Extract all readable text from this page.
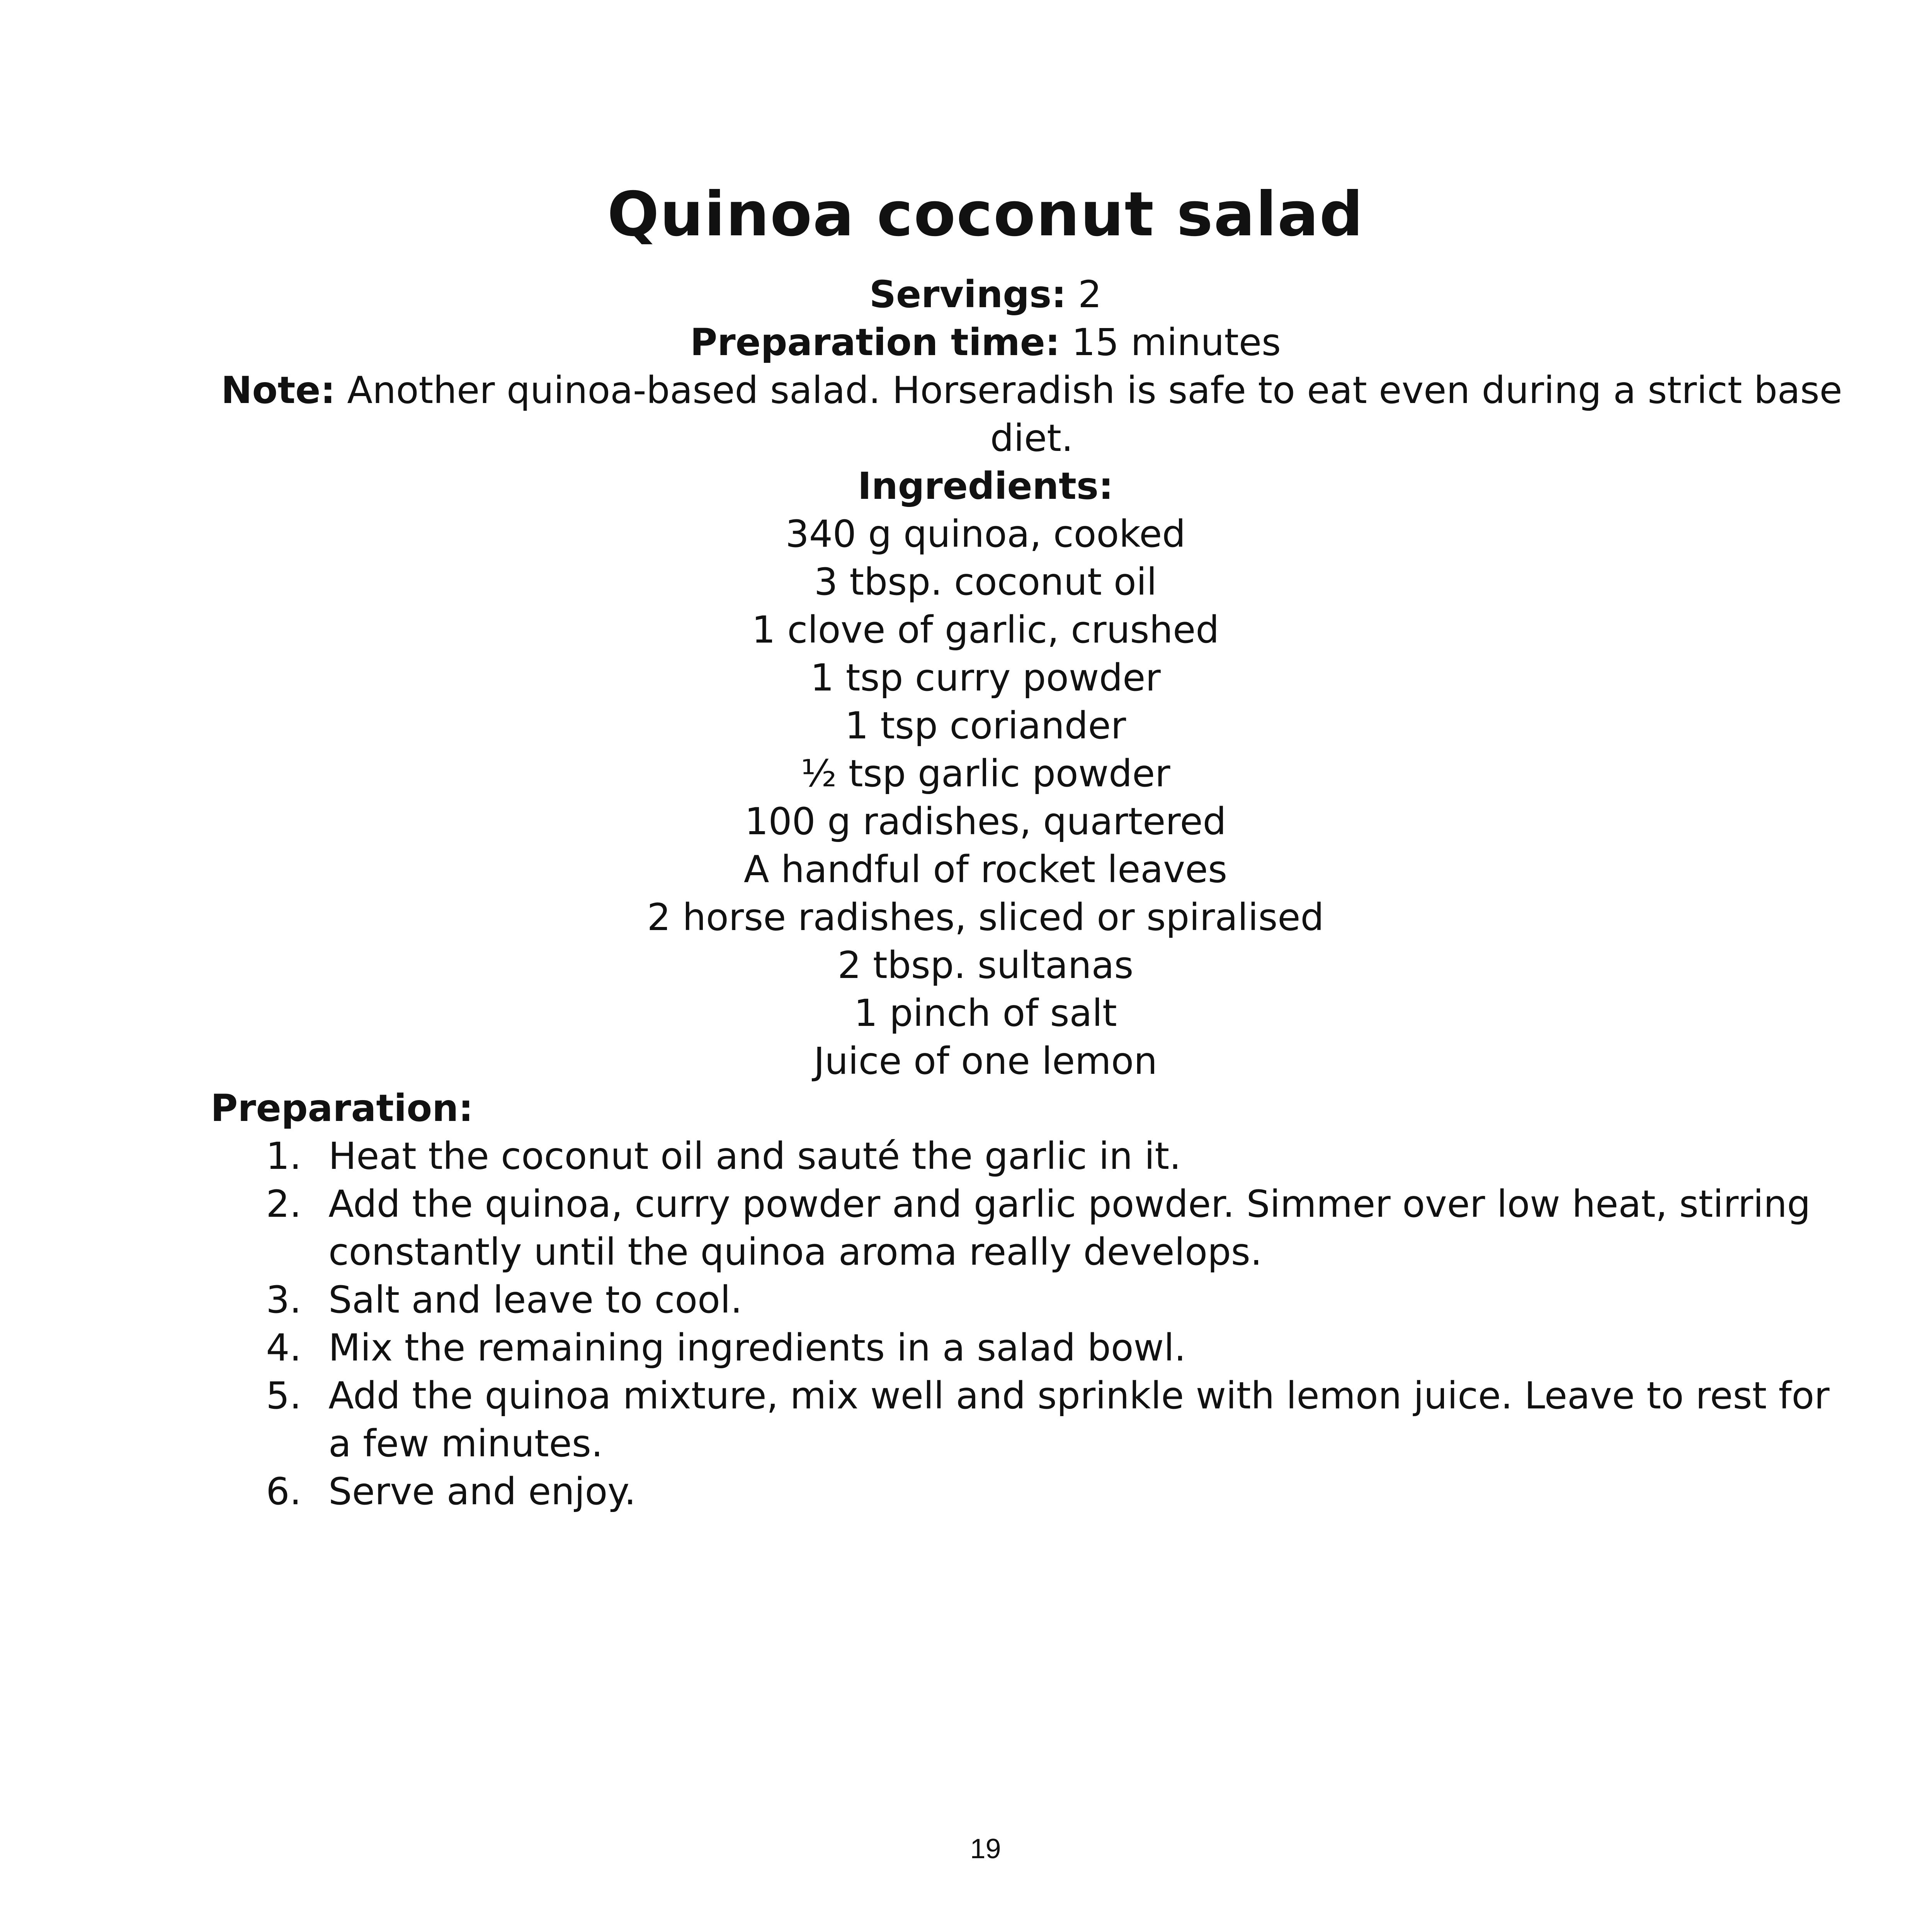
Quinoa coconut salad

Servings: 2

Preparation time: 15 minutes

Note: Another quinoa-based salad. Horseradish is safe to eat even during a strict base diet.

Ingredients:
340 g quinoa, cooked
3 tbsp. coconut oil
1 clove of garlic, crushed
1 tsp curry powder
1 tsp coriander
½ tsp garlic powder
100 g radishes, quartered
A handful of rocket leaves
2 horse radishes, sliced or spiralised
2 tbsp. sultanas
1 pinch of salt
Juice of one lemon
Preparation:
1. Heat the coconut oil and sauté the garlic in it.
2. Add the quinoa, curry powder and garlic powder. Simmer over low heat, stirring constantly until the quinoa aroma really develops.
3. Salt and leave to cool.
4. Mix the remaining ingredients in a salad bowl.
5. Add the quinoa mixture, mix well and sprinkle with lemon juice. Leave to rest for a few minutes.
6. Serve and enjoy.
19
